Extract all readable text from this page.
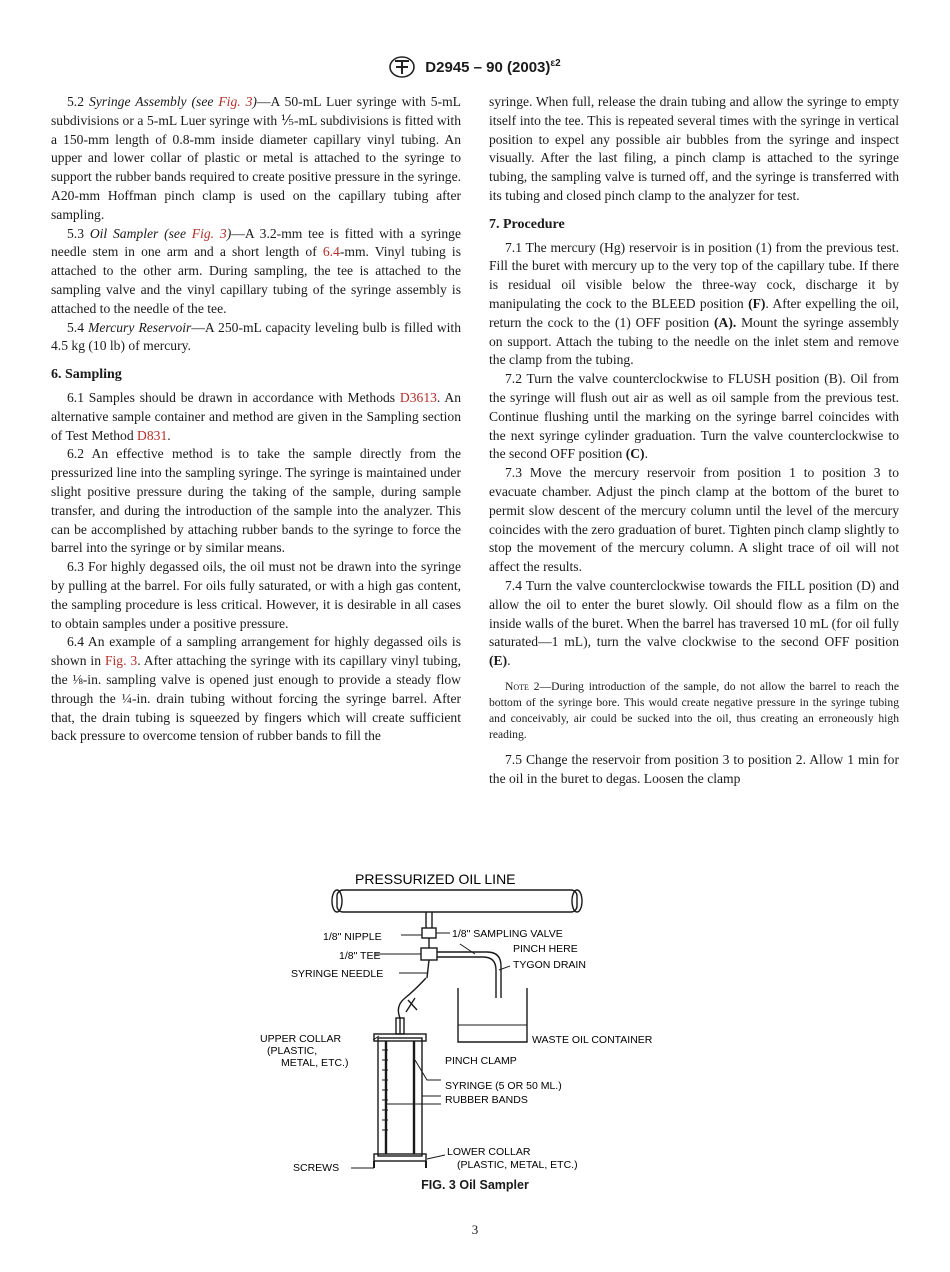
D2945 – 90 $(2003)^{\varepsilon 2}$

5.2 Syringe Assembly (see Fig. 3)—A 50-mL Luer syringe with 5-mL subdivisions or a 5-mL Luer syringe with ⅕-mL subdivisions is fitted with a 150-mm length of 0.8-mm inside diameter capillary vinyl tubing. An upper and lower collar of plastic or metal is attached to the syringe to support the rubber bands required to create positive pressure in the syringe. A20-mm Hoffman pinch clamp is used on the capillary tubing after sampling.

5.3 Oil Sampler (see Fig. 3)—A 3.2-mm tee is fitted with a syringe needle stem in one arm and a short length of 6.4-mm. Vinyl tubing is attached to the other arm. During sampling, the tee is attached to the sampling valve and the vinyl capillary tubing of the syringe assembly is attached to the needle of the tee.

5.4 Mercury Reservoir—A 250-mL capacity leveling bulb is filled with 4.5 kg (10 lb) of mercury.

6. Sampling

6.1 Samples should be drawn in accordance with Methods D3613. An alternative sample container and method are given in the Sampling section of Test Method D831.

6.2 An effective method is to take the sample directly from the pressurized line into the sampling syringe. The syringe is maintained under slight positive pressure during the taking of the sample, during sample transfer, and during the introduction of the sample into the analyzer. This can be accomplished by attaching rubber bands to the syringe to force the barrel into the syringe or by similar means.

6.3 For highly degassed oils, the oil must not be drawn into the syringe by pulling at the barrel. For oils fully saturated, or with a high gas content, the sampling procedure is less critical. However, it is desirable in all cases to obtain samples under a positive pressure.

6.4 An example of a sampling arrangement for highly degassed oils is shown in Fig. 3. After attaching the syringe with its capillary vinyl tubing, the ⅛-in. sampling valve is opened just enough to provide a steady flow through the ¼-in. drain tubing without forcing the syringe barrel. After that, the drain tubing is squeezed by fingers which will create sufficient back pressure to overcome tension of rubber bands to fill the

syringe. When full, release the drain tubing and allow the syringe to empty itself into the tee. This is repeated several times with the syringe in vertical position to expel any possible air bubbles from the syringe and inspect visually. After the last filing, a pinch clamp is attached to the syringe tubing, the sampling valve is turned off, and the syringe is transferred with its tubing and closed pinch clamp to the analyzer for test.

7. Procedure

7.1 The mercury (Hg) reservoir is in position (1) from the previous test. Fill the buret with mercury up to the very top of the capillary tube. If there is residual oil visible below the three-way cock, discharge it by manipulating the cock to the BLEED position (F). After expelling the oil, return the cock to the (1) OFF position (A). Mount the syringe assembly on support. Attach the tubing to the needle on the inlet stem and remove the clamp from the tubing.

7.2 Turn the valve counterclockwise to FLUSH position (B). Oil from the syringe will flush out air as well as oil sample from the previous test. Continue flushing until the marking on the syringe barrel coincides with the next syringe cylinder graduation. Turn the valve counterclockwise to the second OFF position (C).

7.3 Move the mercury reservoir from position 1 to position 3 to evacuate chamber. Adjust the pinch clamp at the bottom of the buret to permit slow descent of the mercury column until the level of the mercury coincides with the zero graduation of buret. Tighten pinch clamp slightly to stop the movement of the mercury column. A slight trace of oil will not affect the results.

7.4 Turn the valve counterclockwise towards the FILL position (D) and allow the oil to enter the buret slowly. Oil should flow as a film on the inside walls of the buret. When the barrel has traversed 10 mL (for oil fully saturated—1 mL), turn the valve clockwise to the second OFF position (E).

Note 2—During introduction of the sample, do not allow the barrel to reach the bottom of the syringe bore. This would create negative pressure in the syringe tubing and conceivably, air could be sucked into the oil, thus creating an erroneously high reading.

7.5 Change the reservoir from position 3 to position 2. Allow 1 min for the oil in the buret to degas. Loosen the clamp

PRESSURIZED OIL LINE
1/8" NIPPLE
1/8" TEE
SYRINGE NEEDLE
1/8" SAMPLING VALVE
PINCH HERE
TYGON DRAIN
WASTE OIL CONTAINER
UPPER COLLAR
(PLASTIC,
METAL, ETC.)	PINCH CLAMP
SYRINGE (5 OR 50 ML.)
RUBBER BANDS
SCREWS
LOWER COLLAR
(PLASTIC, METAL, ETC.)
FIG. 3 Oil Sampler
3
